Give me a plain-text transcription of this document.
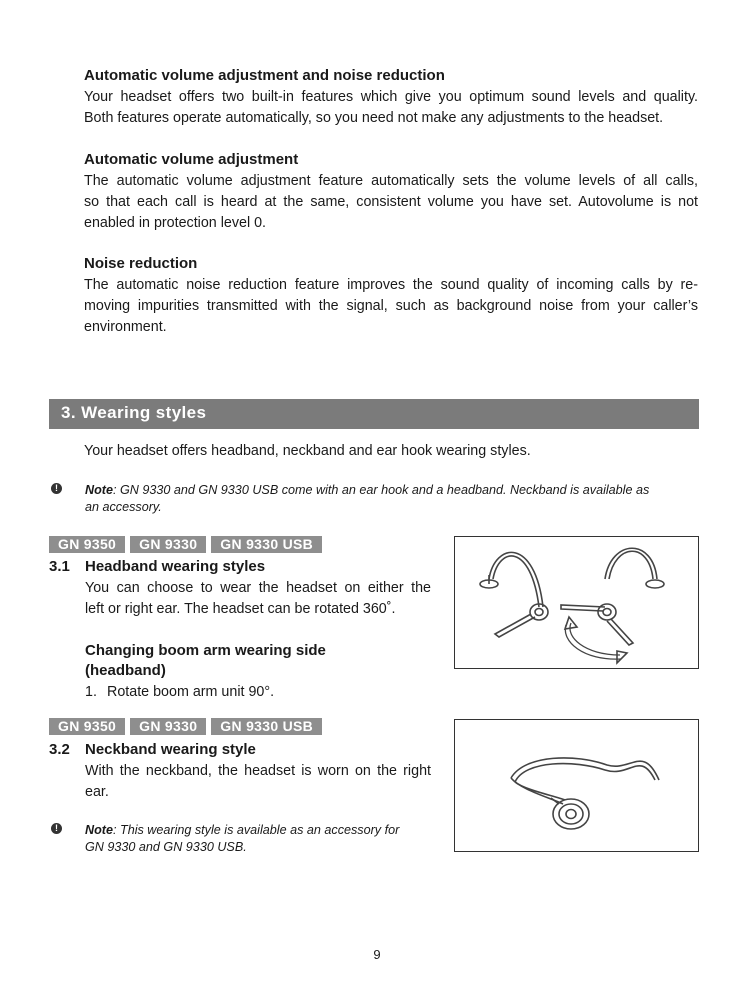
Automatic volume adjustment and noise reduction
Your headset offers two built-in features which give you optimum sound levels and quality.
Both features operate automatically, so you need not make any adjustments to the headset.
Automatic volume adjustment
The automatic volume adjustment feature automatically sets the volume levels of all calls,
so that each call is heard at the same, consistent volume you have set. Autovolume is not
enabled in protection level 0.
Noise reduction
The automatic noise reduction feature improves the sound quality of incoming calls by re-
moving impurities transmitted with the signal, such as background noise from your caller’s
environment.
3. Wearing styles
Your headset offers headband, neckband and ear hook wearing styles.
!	Note: GN 9330 and GN 9330 USB come with an ear hook and a headband. Neckband is available as
an accessory.
GN 9350	GN 9330	GN 9330 USB
3.1 Headband wearing styles
You can choose to wear the headset on either the
left or right ear. The headset can be rotated 360˚.
Changing boom arm wearing side
(headband)
1. Rotate boom arm unit 90°.
GN 9350	GN 9330	GN 9330 USB
3.2 Neckband wearing style
With the neckband, the headset is worn on the right
ear.
!	Note: This wearing style is available as an accessory for
GN 9330 and GN 9330 USB.
9
